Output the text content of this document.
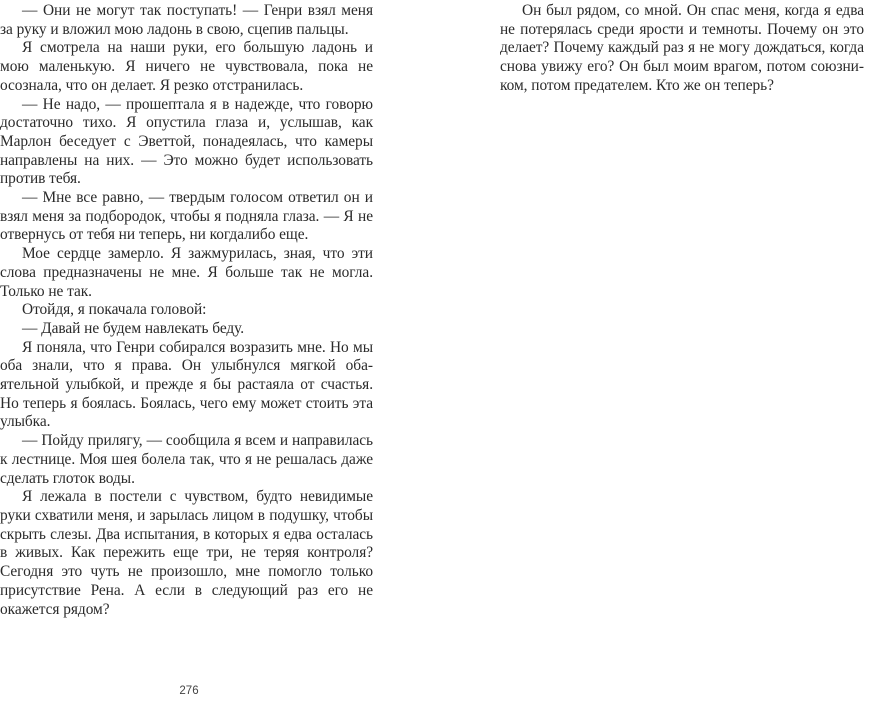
— Они не могут так поступать! — Генри взял меня за руку и вложил мою ладонь в свою, сцепив пальцы.

Я смотрела на наши руки, его большую ладонь и мою маленькую. Я ничего не чувствовала, пока не осознала, что он делает. Я резко отстранилась.

— Не надо, — прошептала я в надежде, что говорю достаточно тихо. Я опустила глаза и, услышав, как Марлон беседует с Эветтой, понадеялась, что камеры направлены на них. — Это можно будет использовать против тебя.

— Мне все равно, — твердым голосом ответил он и взял меня за подбородок, чтобы я подняла глаза. — Я не отвернусь от тебя ни теперь, ни когдалибо еще.

Мое сердце замерло. Я зажмурилась, зная, что эти слова предназначены не мне. Я больше так не могла. Только не так.

Отойдя, я покачала головой:

— Давай не будем навлекать беду.

Я поняла, что Генри собирался возразить мне. Но мы оба знали, что я права. Он улыбнулся мягкой обаятельной улыбкой, и прежде я бы растаяла от счастья. Но теперь я боялась. Боялась, чего ему может стоить эта улыбка.

— Пойду прилягу, — сообщила я всем и направилась к лестнице. Моя шея болела так, что я не решалась даже сделать глоток воды.

Я лежала в постели с чувством, будто невидимые руки схватили меня, и зарылась лицом в подушку, чтобы скрыть слезы. Два испытания, в которых я едва осталась в живых. Как пережить еще три, не теряя контроля? Сегодня это чуть не произошло, мне помогло только присутствие Рена. А если в следующий раз его не окажется рядом?

276

Он был рядом, со мной. Он спас меня, когда я едва не потерялась среди ярости и темноты. Почему он это делает? Почему каждый раз я не могу дождаться, когда снова увижу его? Он был моим врагом, потом союзником, потом предателем. Кто же он теперь?
